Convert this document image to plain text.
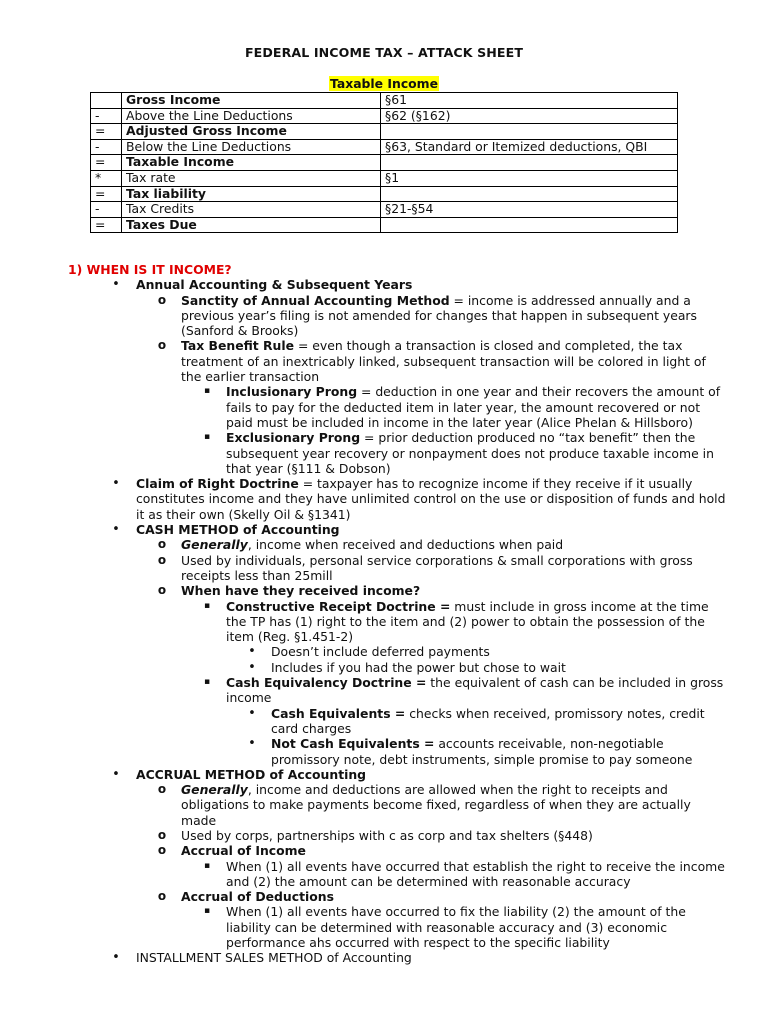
FEDERAL INCOME TAX – ATTACK SHEET
Taxable Income
	Gross Income	§61
-	Above the Line Deductions	§62 (§162)
=	Adjusted Gross Income	
-	Below the Line Deductions	§63, Standard or Itemized deductions, QBI
=	Taxable Income	
*	Tax rate	§1
=	Tax liability	
-	Tax Credits	§21-§54
=	Taxes Due	
1) WHEN IS IT INCOME?
• Annual Accounting & Subsequent Years
o Sanctity of Annual Accounting Method = income is addressed annually and a previous year’s filing is not amended for changes that happen in subsequent years (Sanford & Brooks)
o Tax Benefit Rule = even though a transaction is closed and completed, the tax treatment of an inextricably linked, subsequent transaction will be colored in light of the earlier transaction
▪ Inclusionary Prong = deduction in one year and their recovers the amount of fails to pay for the deducted item in later year, the amount recovered or not paid must be included in income in the later year (Alice Phelan & Hillsboro)
▪ Exclusionary Prong = prior deduction produced no “tax benefit” then the subsequent year recovery or nonpayment does not produce taxable income in that year (§111 & Dobson)
• Claim of Right Doctrine = taxpayer has to recognize income if they receive if it usually constitutes income and they have unlimited control on the use or disposition of funds and hold it as their own (Skelly Oil & §1341)
• CASH METHOD of Accounting
o Generally, income when received and deductions when paid
o Used by individuals, personal service corporations & small corporations with gross receipts less than 25mill
o When have they received income?
▪ Constructive Receipt Doctrine = must include in gross income at the time the TP has (1) right to the item and (2) power to obtain the possession of the item (Reg. §1.451-2)
• Doesn’t include deferred payments
• Includes if you had the power but chose to wait
▪ Cash Equivalency Doctrine = the equivalent of cash can be included in gross income
• Cash Equivalents = checks when received, promissory notes, credit card charges
• Not Cash Equivalents = accounts receivable, non-negotiable promissory note, debt instruments, simple promise to pay someone
• ACCRUAL METHOD of Accounting
o Generally, income and deductions are allowed when the right to receipts and obligations to make payments become fixed, regardless of when they are actually made
o Used by corps, partnerships with c as corp and tax shelters (§448)
o Accrual of Income
▪ When (1) all events have occurred that establish the right to receive the income and (2) the amount can be determined with reasonable accuracy
o Accrual of Deductions
▪ When (1) all events have occurred to fix the liability (2) the amount of the liability can be determined with reasonable accuracy and (3) economic performance ahs occurred with respect to the specific liability
• INSTALLMENT SALES METHOD of Accounting
